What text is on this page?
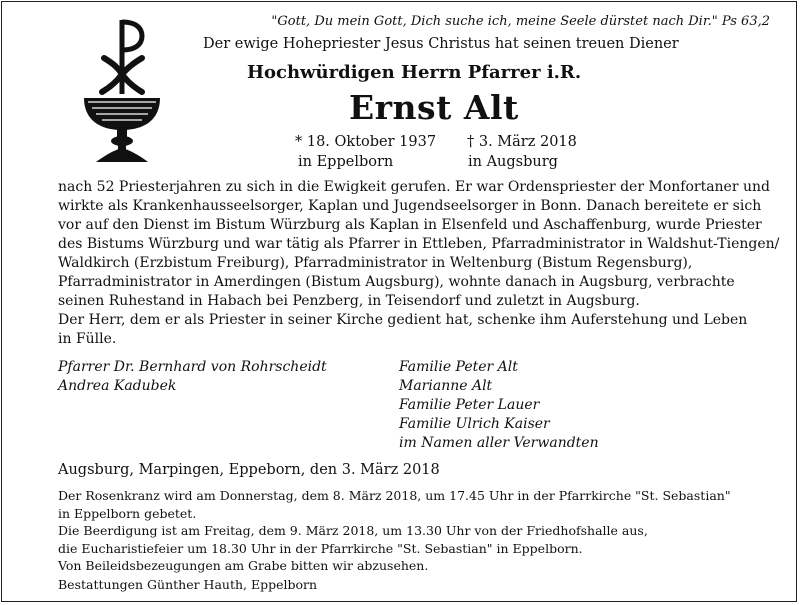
"Gott, Du mein Gott, Dich suche ich, meine Seele dürstet nach Dir." Ps 63,2
Der ewige Hohepriester Jesus Christus hat seinen treuen Diener
Hochwürdigen Herrn Pfarrer i.R.
Ernst Alt
* 18. Oktober 1937
in Eppelborn
† 3. März 2018
in Augsburg
nach 52 Priesterjahren zu sich in die Ewigkeit gerufen. Er war Ordenspriester der Monfortaner und
wirkte als Krankenhausseelsorger, Kaplan und Jugendseelsorger in Bonn. Danach bereitete er sich
vor auf den Dienst im Bistum Würzburg als Kaplan in Elsenfeld und Aschaffenburg, wurde Priester
des Bistums Würzburg und war tätig als Pfarrer in Ettleben, Pfarradministrator in Waldshut-Tiengen/
Waldkirch (Erzbistum Freiburg), Pfarradministrator in Weltenburg (Bistum Regensburg),
Pfarradministrator in Amerdingen (Bistum Augsburg), wohnte danach in Augsburg, verbrachte
seinen Ruhestand in Habach bei Penzberg, in Teisendorf und zuletzt in Augsburg.
Der Herr, dem er als Priester in seiner Kirche gedient hat, schenke ihm Auferstehung und Leben
in Fülle.
Pfarrer Dr. Bernhard von Rohrscheidt
Andrea Kadubek
Familie Peter Alt
Marianne Alt
Familie Peter Lauer
Familie Ulrich Kaiser
im Namen aller Verwandten
Augsburg, Marpingen, Eppeborn, den 3. März 2018
Der Rosenkranz wird am Donnerstag, dem 8. März 2018, um 17.45 Uhr in der Pfarrkirche "St. Sebastian"
in Eppelborn gebetet.
Die Beerdigung ist am Freitag, dem 9. März 2018, um 13.30 Uhr von der Friedhofshalle aus,
die Eucharistiefeier um 18.30 Uhr in der Pfarrkirche "St. Sebastian" in Eppelborn.
Von Beileidsbezeugungen am Grabe bitten wir abzusehen.
Bestattungen Günther Hauth, Eppelborn
